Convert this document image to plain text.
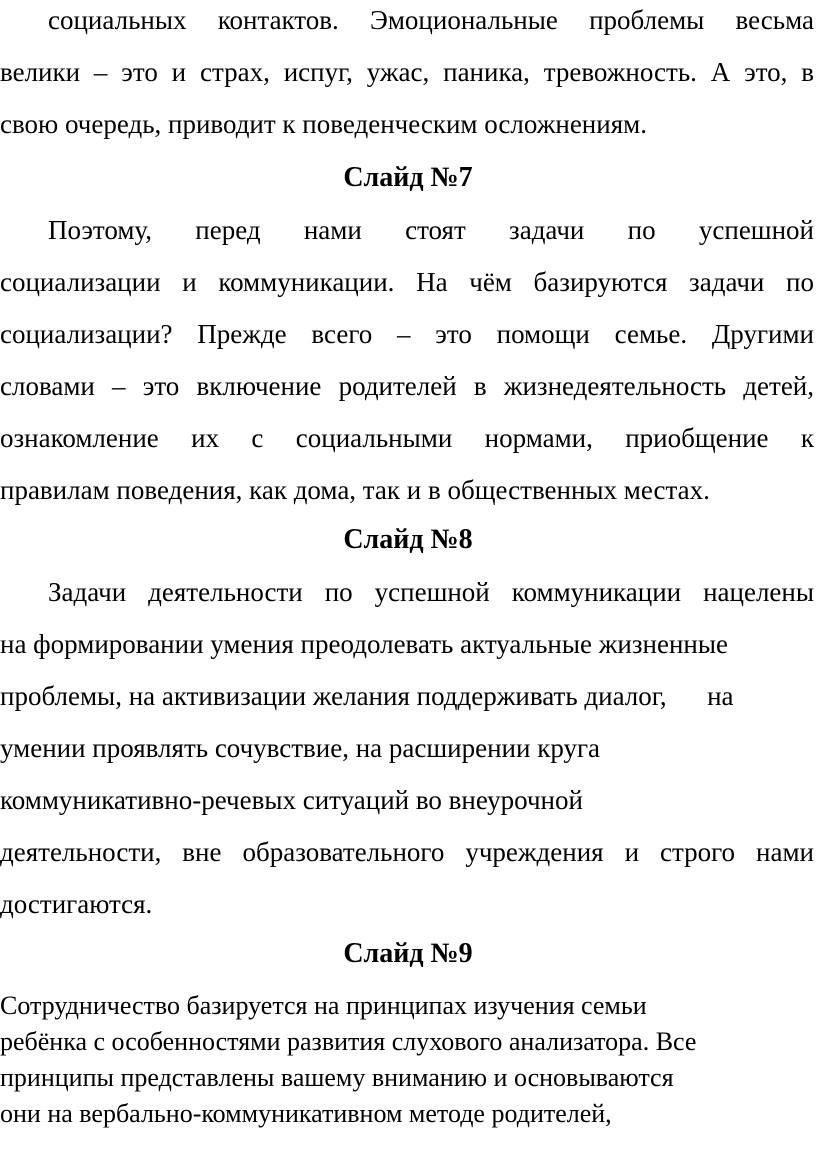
социальных контактов. Эмоциональные проблемы весьма
велики – это и страх, испуг, ужас, паника, тревожность. А это, в
свою очередь, приводит к поведенческим осложнениям.
Слайд №7
Поэтому, перед нами стоят задачи по успешной
социализации и коммуникации. На чём базируются задачи по
социализации? Прежде всего – это помощи семье. Другими
словами – это включение родителей в жизнедеятельность детей,
ознакомление их с социальными нормами, приобщение к
правилам поведения, как дома, так и в общественных местах.
Слайд №8
Задачи деятельности по успешной коммуникации нацелены
на формировании умения преодолевать актуальные жизненные
проблемы, на активизации желания поддерживать диалог,      на
умении проявлять сочувствие, на расширении круга
коммуникативно-речевых ситуаций во внеурочной
деятельности, вне образовательного учреждения и строго нами
достигаются.
Слайд №9
Сотрудничество базируется на принципах изучения семьи
ребёнка с особенностями развития слухового анализатора. Все
принципы представлены вашему вниманию и основываются
они на вербально-коммуникативном методе родителей,
